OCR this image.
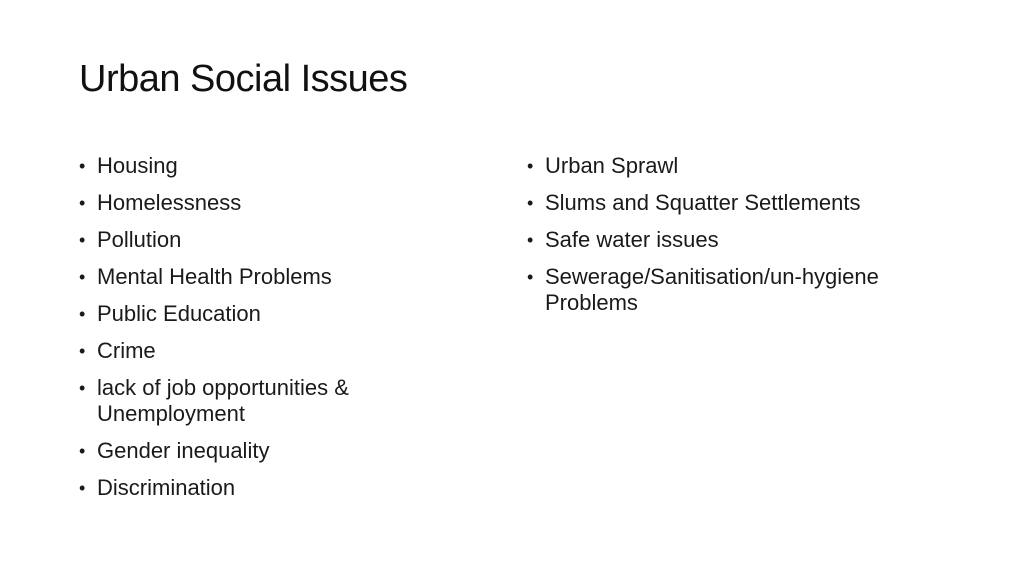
Urban Social Issues
• Housing
• Homelessness
• Pollution
• Mental Health Problems
• Public Education
• Crime
• lack of job opportunities & Unemployment
• Gender inequality
• Discrimination
• Urban Sprawl
• Slums and Squatter Settlements
• Safe water issues
• Sewerage/Sanitisation/un-hygiene Problems
